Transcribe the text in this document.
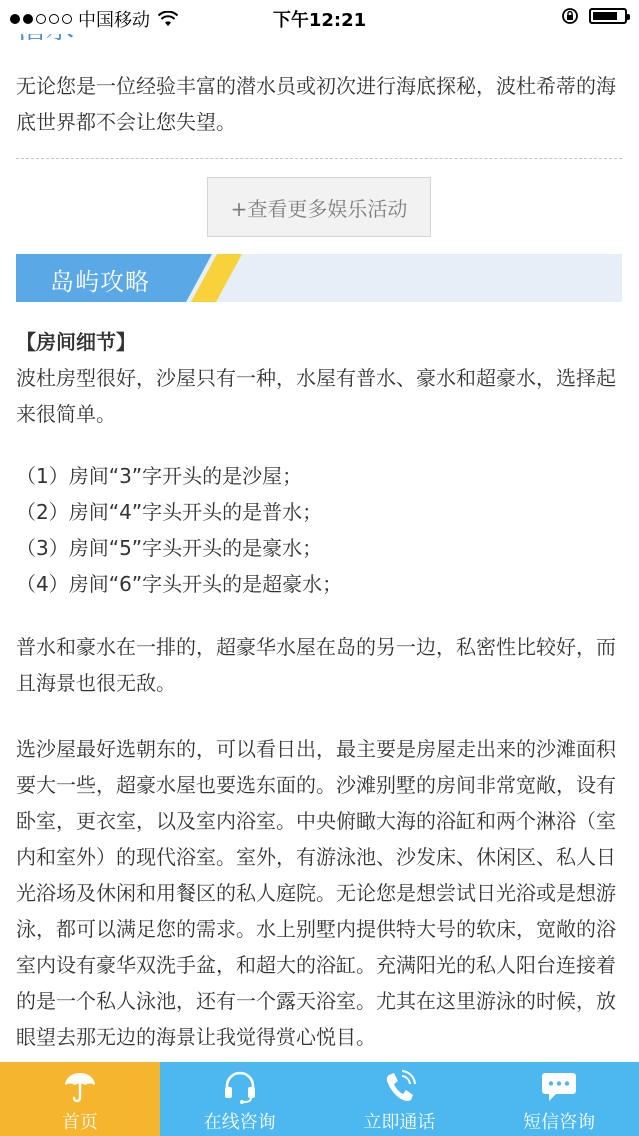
无论您是一位经验丰富的潜水员或初次进行海底探秘，波杜希蒂的海底世界都不会让您失望。

+查看更多娱乐活动
岛屿攻略
【房间细节】

波杜房型很好，沙屋只有一种，水屋有普水、豪水和超豪水，选择起来很简单。

（1）房间“3”字开头的是沙屋；
（2）房间“4”字头开头的是普水；
（3）房间“5”字头开头的是豪水；
（4）房间“6”字头开头的是超豪水；

普水和豪水在一排的，超豪华水屋在岛的另一边，私密性比较好，而且海景也很无敌。

选沙屋最好选朝东的，可以看日出，最主要是房屋走出来的沙滩面积要大一些，超豪水屋也要选东面的。沙滩别墅的房间非常宽敞，设有卧室，更衣室，以及室内浴室。中央俯瞰大海的浴缸和两个淋浴（室内和室外）的现代浴室。室外，有游泳池、沙发床、休闲区、私人日光浴场及休闲和用餐区的私人庭院。无论您是想尝试日光浴或是想游泳，都可以满足您的需求。水上别墅内提供特大号的软床，宽敞的浴室内设有豪华双洗手盆，和超大的浴缸。充满阳光的私人阳台连接着的是一个私人泳池，还有一个露天浴室。尤其在这里游泳的时候，放眼望去那无边的海景让我觉得赏心悦目。

中国移动	下午12:21
首页	在线咨询	立即通话	短信咨询
